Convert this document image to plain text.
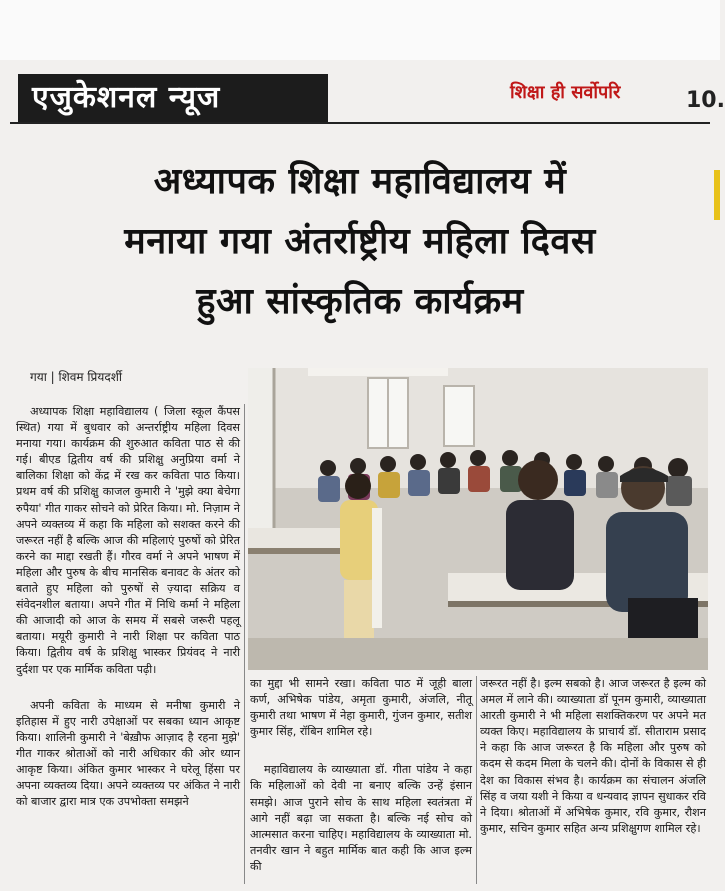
एजुकेशनल न्यूज	शिक्षा ही सर्वोपरि	10.
अध्यापक शिक्षा महाविद्यालय में
मनाया गया अंतर्राष्ट्रीय महिला दिवस
हुआ सांस्कृतिक कार्यक्रम
गया | शिवम प्रियदर्शी

अध्यापक शिक्षा महाविद्यालय ( जिला स्कूल कैंपस स्थित) गया में बुधवार को अन्तर्राष्ट्रीय महिला दिवस मनाया गया। कार्यक्रम की शुरुआत कविता पाठ से की गई। बीएड द्वितीय वर्ष की प्रशिक्षु अनुप्रिया वर्मा ने बालिका शिक्षा को केंद्र में रख कर कविता पाठ किया। प्रथम वर्ष की प्रशिक्षु काजल कुमारी ने 'मुझे क्या बेचेगा रुपैया' गीत गाकर सोचने को प्रेरित किया। मो. निज़ाम ने अपने व्यक्तव्य में कहा कि महिला को सशक्त करने की जरूरत नहीं है बल्कि आज की महिलाएं पुरुषों को प्रेरित करने का माद्दा रखती हैं। गौरव वर्मा ने अपने भाषण में महिला और पुरुष के बीच मानसिक बनावट के अंतर को बताते हुए महिला को पुरुषों से ज़्यादा सक्रिय व संवेदनशील बताया। अपने गीत में निधि कर्मा ने महिला की आजादी को आज के समय में सबसे जरूरी पहलू बताया। मयूरी कुमारी ने नारी शिक्षा पर कविता पाठ किया। द्वितीय वर्ष के प्रशिक्षु भास्कर प्रियंवद ने नारी दुर्दशा पर एक मार्मिक कविता पढ़ी।

अपनी कविता के माध्यम से मनीषा कुमारी ने इतिहास में हुए नारी उपेक्षाओं पर सबका ध्यान आकृष्ट किया। शालिनी कुमारी ने 'बेख़ौफ आज़ाद है रहना मुझे' गीत गाकर श्रोताओं को नारी अधिकार की ओर ध्यान आकृष्ट किया। अंकित कुमार भास्कर ने घरेलू हिंसा पर अपना व्यक्तव्य दिया। अपने व्यक्तव्य पर अंकित ने नारी को बाजार द्वारा मात्र एक उपभोक्ता समझने

का मुद्दा भी सामने रखा। कविता पाठ में जूही बाला कर्ण, अभिषेक पांडेय, अमृता कुमारी, अंजलि, नीतू कुमारी तथा भाषण में नेहा कुमारी, गुंजन कुमार, सतीश कुमार सिंह, रॉबिन शामिल रहे।

महाविद्यालय के व्याख्याता डॉ. गीता पांडेय ने कहा कि महिलाओं को देवी ना बनाए बल्कि उन्हें इंसान समझे। आज पुराने सोच के साथ महिला स्वतंत्रता में आगे नहीं बढ़ा जा सकता है। बल्कि नई सोच को आत्मसात करना चाहिए। महाविद्यालय के व्याख्याता मो. तनवीर खान ने बहुत मार्मिक बात कही कि आज इल्म की

जरूरत नहीं है। इल्म सबको है। आज जरूरत है इल्म को अमल में लाने की। व्याख्याता डॉ पूनम कुमारी, व्याख्याता आरती कुमारी ने भी महिला सशक्तिकरण पर अपने मत व्यक्त किए। महाविद्यालय के प्राचार्य डॉ. सीताराम प्रसाद ने कहा कि आज जरूरत है कि महिला और पुरुष को कदम से कदम मिला के चलने की। दोनों के विकास से ही देश का विकास संभव है। कार्यक्रम का संचालन अंजलि सिंह व जया यशी ने किया व धन्यवाद ज्ञापन सुधाकर रवि ने दिया। श्रोताओं में अभिषेक कुमार, रवि कुमार, रौशन कुमार, सचिन कुमार सहित अन्य प्रशिक्षुगण शामिल रहे।
